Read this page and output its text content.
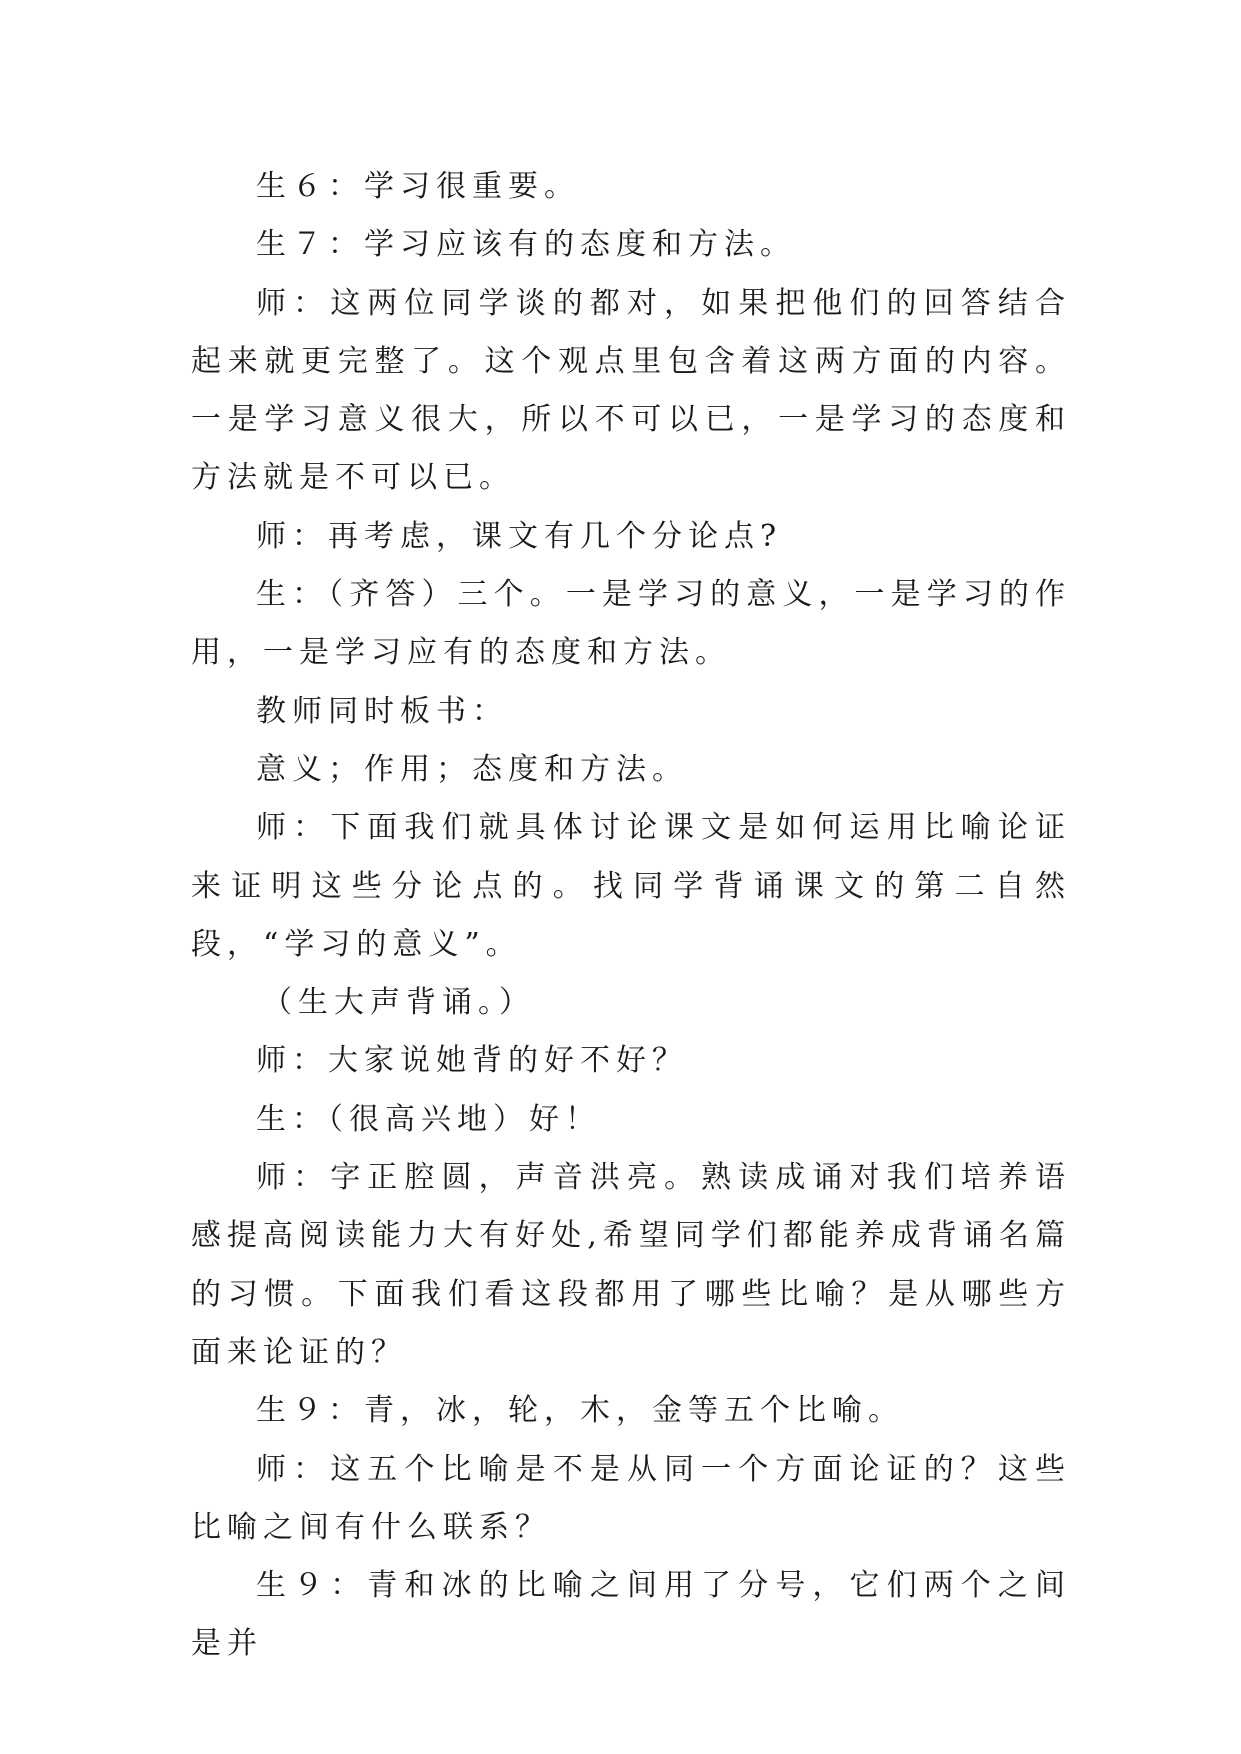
生６：学习很重要。

生７：学习应该有的态度和方法。

师：这两位同学谈的都对，如果把他们的回答结合起来就更完整了。这个观点里包含着这两方面的内容。一是学习意义很大，所以不可以已，一是学习的态度和方法就是不可以已。

师：再考虑，课文有几个分论点?

生：（齐答）三个。一是学习的意义，一是学习的作用，一是学习应有的态度和方法。

教师同时板书：

意义；作用；态度和方法。

师：下面我们就具体讨论课文是如何运用比喻论证来证明这些分论点的。找同学背诵课文的第二自然段，“学习的意义”。

（生大声背诵。）

师：大家说她背的好不好？

生：（很高兴地）好！

师：字正腔圆，声音洪亮。熟读成诵对我们培养语感提高阅读能力大有好处,希望同学们都能养成背诵名篇的习惯。下面我们看这段都用了哪些比喻？是从哪些方面来论证的？

生９：青，冰，轮，木，金等五个比喻。

师：这五个比喻是不是从同一个方面论证的？这些比喻之间有什么联系？

生９：青和冰的比喻之间用了分号，它们两个之间是并
